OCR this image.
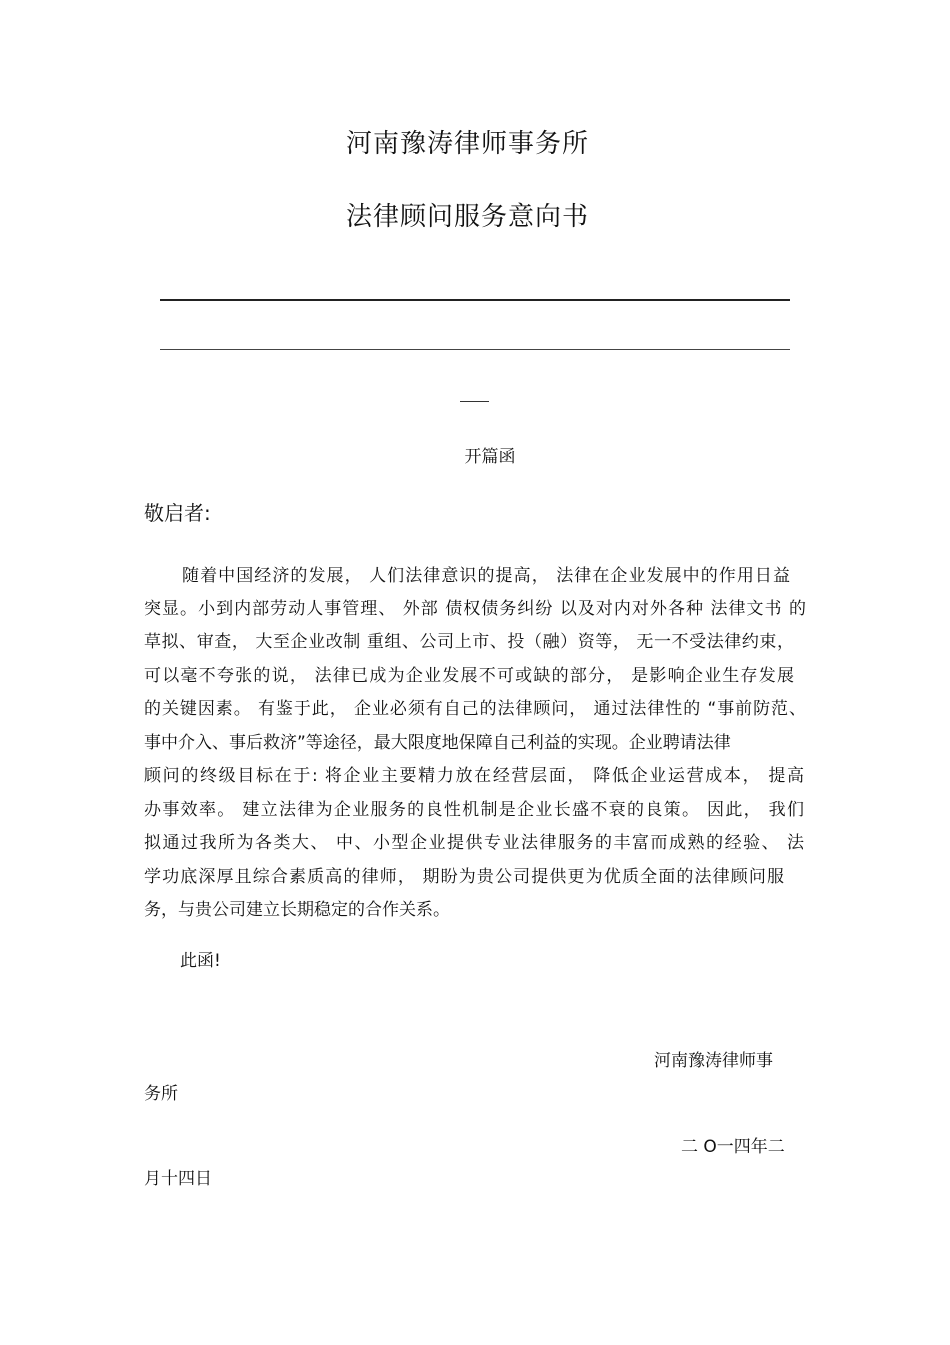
河南豫涛律师事务所
法律顾问服务意向书
开篇函
敬启者:
随着中国经济的发展， 人们法律意识的提高， 法律在企业发展中的作用日益
突显。小到内部劳动人事管理、 外部 债权债务纠纷 以及对内对外各种 法律文书 的
草拟、审查， 大至企业改制 重组、公司上市、投（融）资等， 无一不受法律约束，
可以毫不夸张的说， 法律已成为企业发展不可或缺的部分， 是影响企业生存发展
的关键因素。 有鉴于此， 企业必须有自己的法律顾问， 通过法律性的 “事前防范、
事中介入、事后救济”等途径，最大限度地保障自己利益的实现。企业聘请法律
顾问的终级目标在于: 将企业主要精力放在经营层面， 降低企业运营成本， 提高
办事效率。 建立法律为企业服务的良性机制是企业长盛不衰的良策。 因此， 我们
拟通过我所为各类大、 中、小型企业提供专业法律服务的丰富而成熟的经验、 法
学功底深厚且综合素质高的律师， 期盼为贵公司提供更为优质全面的法律顾问服
务，与贵公司建立长期稳定的合作关系。
此函!
河南豫涛律师事
务所
二 O一四年二
月十四日
